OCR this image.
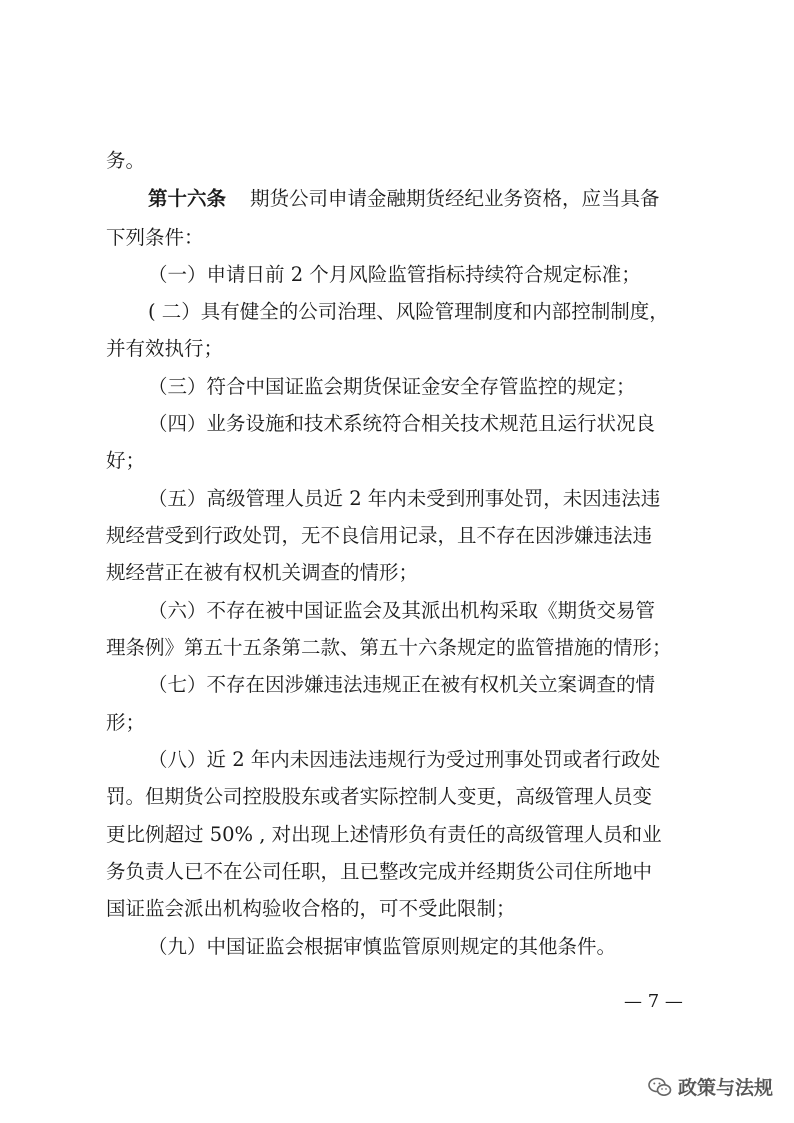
务。
第十六条 期货公司申请金融期货经纪业务资格，应当具备
下列条件：
（一）申请日前 2 个月风险监管指标持续符合规定标准；
( 二）具有健全的公司治理、风险管理制度和内部控制制度，
并有效执行；
（三）符合中国证监会期货保证金安全存管监控的规定；
（四）业务设施和技术系统符合相关技术规范且运行状况良
好；
（五）高级管理人员近 2 年内未受到刑事处罚，未因违法违
规经营受到行政处罚，无不良信用记录，且不存在因涉嫌违法违
规经营正在被有权机关调查的情形；
（六）不存在被中国证监会及其派出机构采取《期货交易管
理条例》第五十五条第二款、第五十六条规定的监管措施的情形；
（七）不存在因涉嫌违法违规正在被有权机关立案调查的情
形；
（八）近 2 年内未因违法违规行为受过刑事处罚或者行政处
罚。但期货公司控股股东或者实际控制人变更，高级管理人员变
更比例超过 50% , 对出现上述情形负有责任的高级管理人员和业
务负责人已不在公司任职，且已整改完成并经期货公司住所地中
国证监会派出机构验收合格的，可不受此限制；
（九）中国证监会根据审慎监管原则规定的其他条件。
— 7 —
政策与法规
